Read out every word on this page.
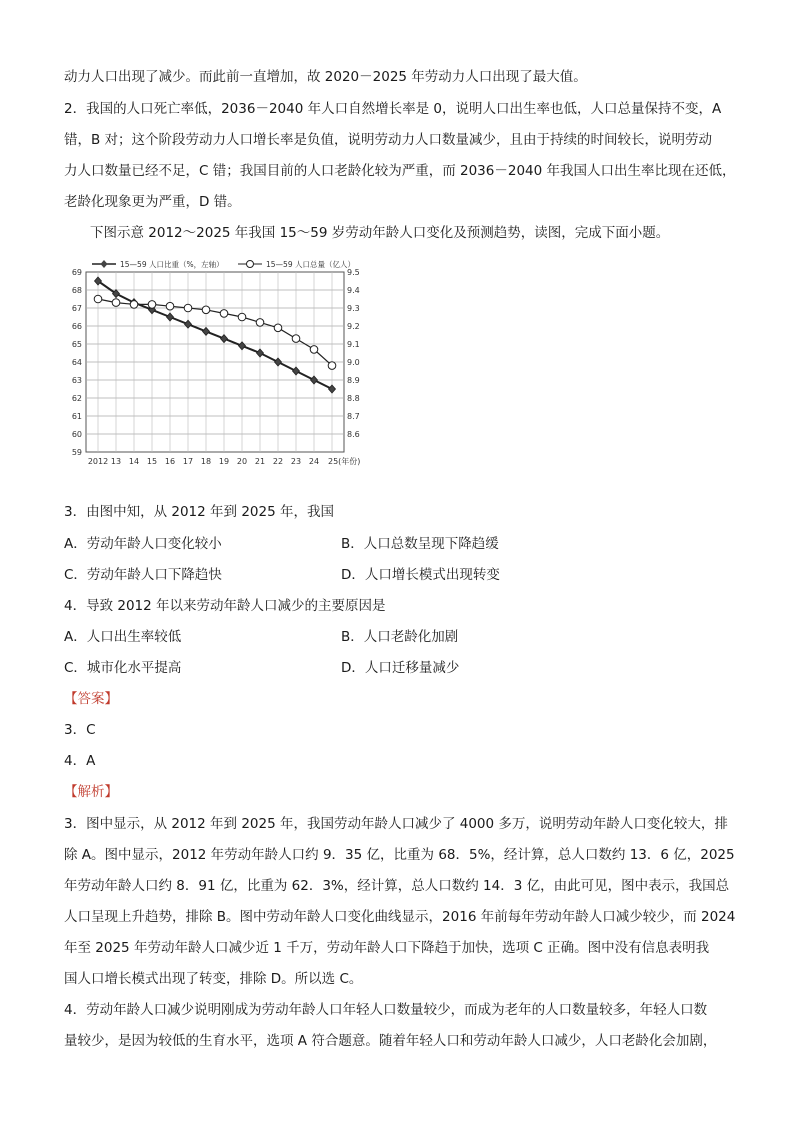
动力人口出现了减少。而此前一直增加，故 2020－2025 年劳动力人口出现了最大值。
2．我国的人口死亡率低，2036－2040 年人口自然增长率是 0，说明人口出生率也低，人口总量保持不变，A
错，B 对；这个阶段劳动力人口增长率是负值，说明劳动力人口数量减少，且由于持续的时间较长，说明劳动
力人口数量已经不足，C 错；我国目前的人口老龄化较为严重，而 2036－2040 年我国人口出生率比现在还低，
老龄化现象更为严重，D 错。
下图示意 2012～2025 年我国 15～59 岁劳动年龄人口变化及预测趋势，读图，完成下面小题。
59
60
61
62
63
64
65
66
67
68
69	9.5
9.4
9.3
9.2
9.1
9.0
8.9
8.8
8.7
8.6
2012 13 14 15 16 17 18 19 20 21 22 23 24 25(年份)
15—59 人口比重（%，左轴）	15—59 人口总量（亿人）
3．由图中知，从 2012 年到 2025 年，我国
A．劳动年龄人口变化较小	B．人口总数呈现下降趋缓
C．劳动年龄人口下降趋快	D．人口增长模式出现转变
4．导致 2012 年以来劳动年龄人口减少的主要原因是
A．人口出生率较低	B．人口老龄化加剧
C．城市化水平提高	D．人口迁移量减少
【答案】
3．C
4．A
【解析】
3．图中显示，从 2012 年到 2025 年，我国劳动年龄人口减少了 4000 多万，说明劳动年龄人口变化较大，排
除 A。图中显示，2012 年劳动年龄人口约 9．35 亿，比重为 68．5%，经计算，总人口数约 13．6 亿，2025
年劳动年龄人口约 8．91 亿，比重为 62．3%，经计算，总人口数约 14．3 亿，由此可见，图中表示，我国总
人口呈现上升趋势，排除 B。图中劳动年龄人口变化曲线显示，2016 年前每年劳动年龄人口减少较少，而 2024
年至 2025 年劳动年龄人口减少近 1 千万，劳动年龄人口下降趋于加快，选项 C 正确。图中没有信息表明我
国人口增长模式出现了转变，排除 D。所以选 C。
4．劳动年龄人口减少说明刚成为劳动年龄人口年轻人口数量较少，而成为老年的人口数量较多，年轻人口数
量较少，是因为较低的生育水平，选项 A 符合题意。随着年轻人口和劳动年龄人口减少，人口老龄化会加剧，
